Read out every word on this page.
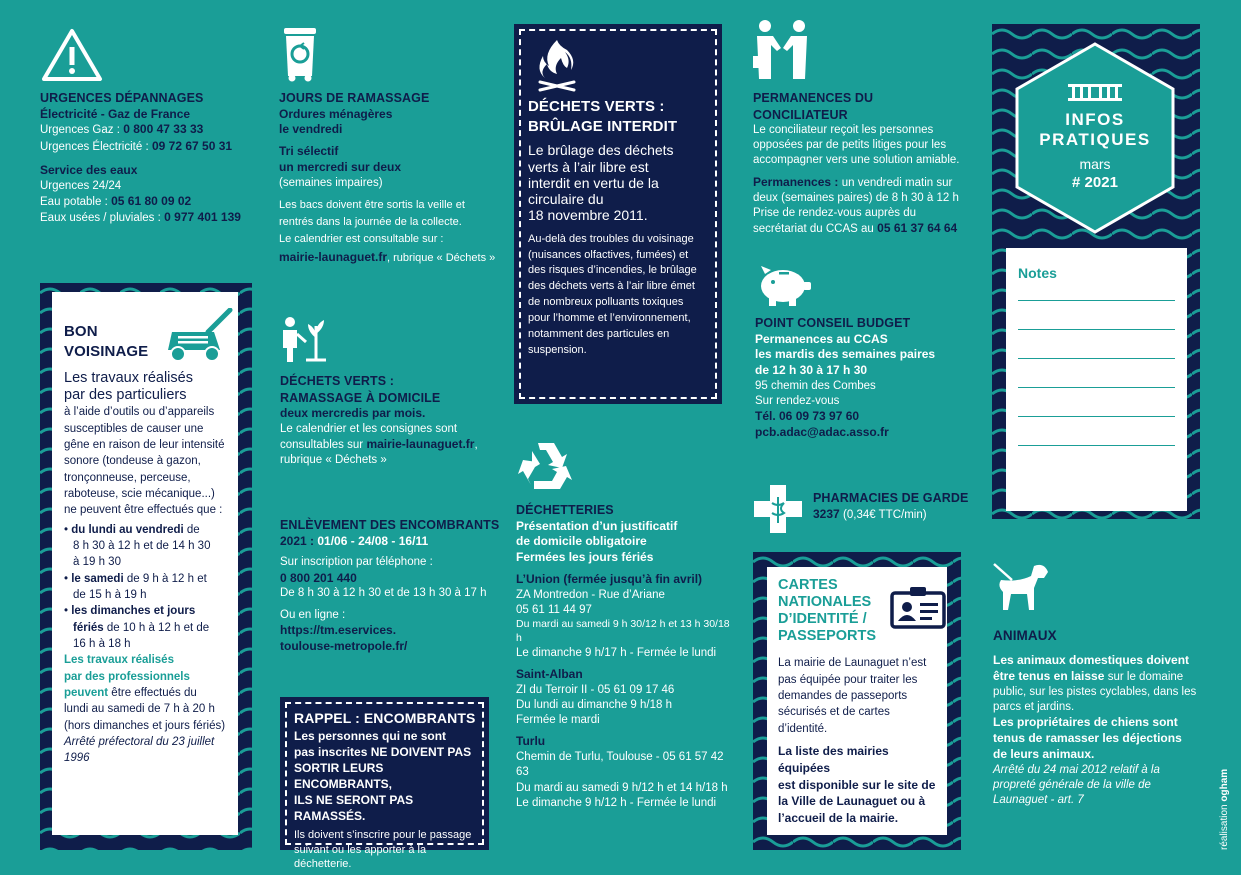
URGENCES DÉPANNAGES
Électricité - Gaz de France
Urgences Gaz : 0 800 47 33 33
Urgences Électricité : 09 72 67 50 31
Service des eaux
Urgences 24/24
Eau potable : 05 61 80 09 02
Eaux usées / pluviales : 0 977 401 139
BON
VOISINAGE
Les travaux réalisés
par des particuliers
à l’aide d’outils ou d’appareils
susceptibles de causer une
gêne en raison de leur intensité
sonore (tondeuse à gazon,
tronçonneuse, perceuse,
raboteuse, scie mécanique...)
ne peuvent être effectués que :
• du lundi au vendredi de
8 h 30 à 12 h et de 14 h 30
à 19 h 30
• le samedi de 9 h à 12 h et
de 15 h à 19 h
• les dimanches et jours
fériés de 10 h à 12 h et de
16 h à 18 h
Les travaux réalisés
par des professionnels
peuvent être effectués du
lundi au samedi de 7 h à 20 h
(hors dimanches et jours fériés)
Arrêté préfectoral du 23 juillet
1996
JOURS DE RAMASSAGE
Ordures ménagères
le vendredi
Tri sélectif
un mercredi sur deux
(semaines impaires)
Les bacs doivent être sortis la veille et
rentrés dans la journée de la collecte.
Le calendrier est consultable sur :
mairie-launaguet.fr, rubrique « Déchets »
DÉCHETS VERTS :
RAMASSAGE À DOMICILE
deux mercredis par mois.
Le calendrier et les consignes sont
consultables sur mairie-launaguet.fr,
rubrique « Déchets »
ENLÈVEMENT DES ENCOMBRANTS
2021 : 01/06 - 24/08 - 16/11
Sur inscription par téléphone :
0 800 201 440
De 8 h 30 à 12 h 30 et de 13 h 30 à 17 h
Ou en ligne :
https://tm.eservices.
toulouse-metropole.fr/
RAPPEL : ENCOMBRANTS
Les personnes qui ne sont
pas inscrites NE DOIVENT PAS
SORTIR LEURS ENCOMBRANTS,
ILS NE SERONT PAS RAMASSÉS.
Ils doivent s’inscrire pour le passage
suivant ou les apporter à la déchetterie.
DÉCHETS VERTS :
BRÛLAGE INTERDIT
Le brûlage des déchets
verts à l’air libre est
interdit en vertu de la
circulaire du
18 novembre 2011.
Au-delà des troubles du voisinage
(nuisances olfactives, fumées) et
des risques d’incendies, le brûlage
des déchets verts à l’air libre émet
de nombreux polluants toxiques
pour l’homme et l’environnement,
notamment des particules en
suspension.
DÉCHETTERIES
Présentation d’un justificatif
de domicile obligatoire
Fermées les jours fériés
L’Union (fermée jusqu’à fin avril)
ZA Montredon - Rue d’Ariane
05 61 11 44 97
Du mardi au samedi 9 h 30/12 h et 13 h 30/18 h
Le dimanche 9 h/17 h - Fermée le lundi
Saint-Alban
ZI du Terroir II - 05 61 09 17 46
Du lundi au dimanche 9 h/18 h
Fermée le mardi
Turlu
Chemin de Turlu, Toulouse - 05 61 57 42 63
Du mardi au samedi 9 h/12 h et 14 h/18 h
Le dimanche 9 h/12 h - Fermée le lundi
PERMANENCES DU CONCILIATEUR
Le conciliateur reçoit les personnes
opposées par de petits litiges pour les
accompagner vers une solution amiable.
Permanences : un vendredi matin sur
deux (semaines paires) de 8 h 30 à 12 h
Prise de rendez-vous auprès du
secrétariat du CCAS au 05 61 37 64 64
POINT CONSEIL BUDGET
Permanences au CCAS
les mardis des semaines paires
de 12 h 30 à 17 h 30
95 chemin des Combes
Sur rendez-vous
Tél. 06 09 73 97 60
pcb.adac@adac.asso.fr
PHARMACIES DE GARDE
3237 (0,34€ TTC/min)
CARTES
NATIONALES
D’IDENTITÉ /
PASSEPORTS
La mairie de Launaguet n’est
pas équipée pour traiter les
demandes de passeports
sécurisés et de cartes d’identité.
La liste des mairies équipées
est disponible sur le site de
la Ville de Launaguet ou à
l’accueil de la mairie.
INFOS
PRATIQUES
mars
# 2021
Notes
ANIMAUX
Les animaux domestiques doivent
être tenus en laisse sur le domaine
public, sur les pistes cyclables, dans les
parcs et jardins.
Les propriétaires de chiens sont
tenus de ramasser les déjections
de leurs animaux.
Arrêté du 24 mai 2012 relatif à la
propreté générale de la ville de
Launaguet - art. 7
réalisation ogham
